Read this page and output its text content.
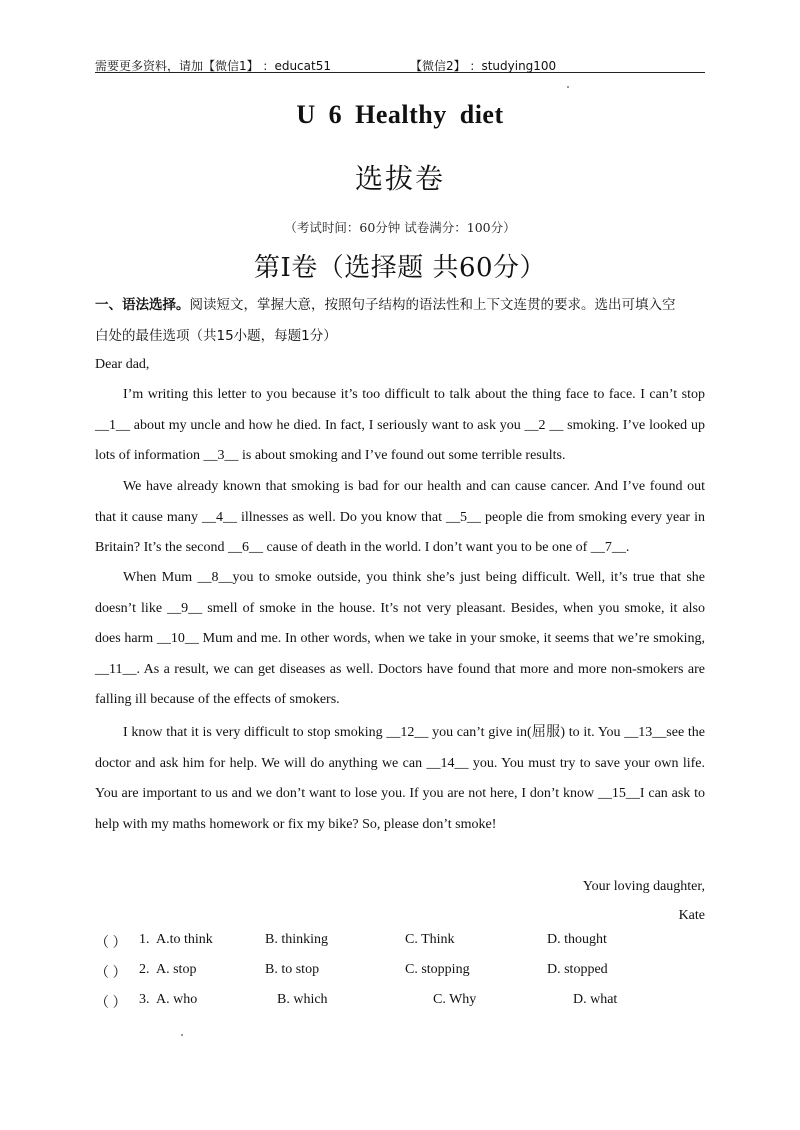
需要更多资料，请加【微信1】 ：educat51	【微信2】 ：studying100
U 6 Healthy diet
选拔卷
（考试时间：60分钟 试卷满分：100分）
第Ⅰ卷（选择题 共60分）
一、语法选择。阅读短文，掌握大意，按照句子结构的语法性和上下文连贯的要求。选出可填入空
白处的最佳选项（共15小题，每题1分）
Dear dad,
I’m writing this letter to you because it’s too difficult to talk about the thing face to face. I can’t stop __1__ about my uncle and how he died. In fact, I seriously want to ask you __2 __ smoking. I’ve looked up lots of information __3__ is about smoking and I’ve found out some terrible results.
We have already known that smoking is bad for our health and can cause cancer. And I’ve found out that it cause many __4__ illnesses as well. Do you know that __5__ people die from smoking every year in Britain? It’s the second __6__ cause of death in the world. I don’t want you to be one of __7__.
When Mum __8__you to smoke outside, you think she’s just being difficult. Well, it’s true that she doesn’t like __9__ smell of smoke in the house. It’s not very pleasant. Besides, when you smoke, it also does harm __10__ Mum and me. In other words, when we take in your smoke, it seems that we’re smoking, __11__. As a result, we can get diseases as well. Doctors have found that more and more non-smokers are falling ill because of the effects of smokers.
I know that it is very difficult to stop smoking __12__ you can’t give in(屈服) to it. You __13__see the doctor and ask him for help. We will do anything we can __14__ you. You must try to save your own life. You are important to us and we don’t want to lose you. If you are not here, I don’t know __15__I can ask to help with my maths homework or fix my bike? So, please don’t smoke!
Your loving daughter,
Kate
（ ） 1. A.to think	B. thinking	C. Think	D. thought
（ ） 2. A. stop	B. to stop	C. stopping	D. stopped
（ ） 3. A. who	B. which	C. Why	D. what
